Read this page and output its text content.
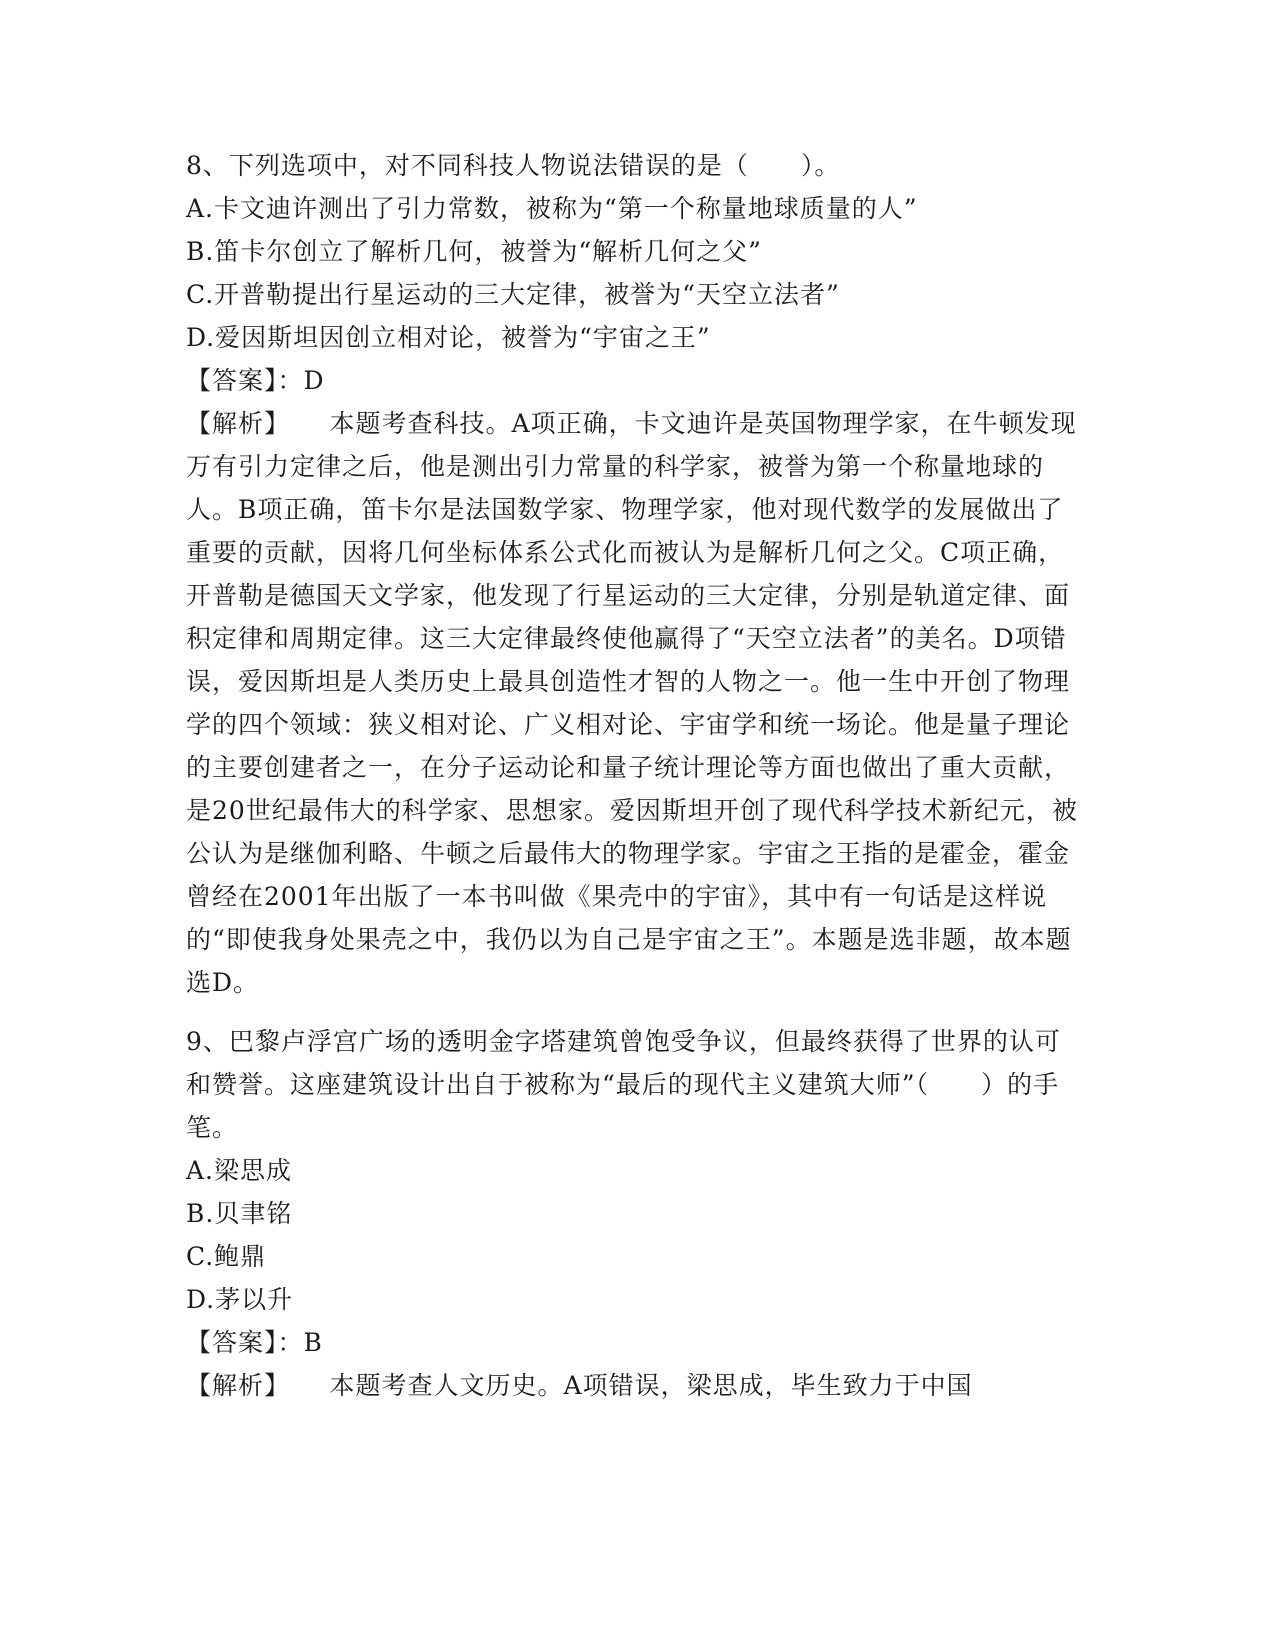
8、下列选项中，对不同科技人物说法错误的是（　　）。

A.卡文迪许测出了引力常数，被称为“第一个称量地球质量的人”

B.笛卡尔创立了解析几何，被誉为“解析几何之父”

C.开普勒提出行星运动的三大定律，被誉为“天空立法者”

D.爱因斯坦因创立相对论，被誉为“宇宙之王”

【答案】：D

【解析】　　 本题考查科技。A项正确，卡文迪许是英国物理学家，在牛顿发现万有引力定律之后，他是测出引力常量的科学家，被誉为第一个称量地球的人。B项正确，笛卡尔是法国数学家、物理学家，他对现代数学的发展做出了重要的贡献，因将几何坐标体系公式化而被认为是解析几何之父。C项正确，开普勒是德国天文学家，他发现了行星运动的三大定律，分别是轨道定律、面积定律和周期定律。这三大定律最终使他赢得了“天空立法者”的美名。D项错误，爱因斯坦是人类历史上最具创造性才智的人物之一。他一生中开创了物理学的四个领域：狭义相对论、广义相对论、宇宙学和统一场论。他是量子理论的主要创建者之一，在分子运动论和量子统计理论等方面也做出了重大贡献，是20世纪最伟大的科学家、思想家。爱因斯坦开创了现代科学技术新纪元，被公认为是继伽利略、牛顿之后最伟大的物理学家。宇宙之王指的是霍金，霍金曾经在2001年出版了一本书叫做《果壳中的宇宙》，其中有一句话是这样说的“即使我身处果壳之中，我仍以为自己是宇宙之王”。本题是选非题，故本题选D。

9、巴黎卢浮宫广场的透明金字塔建筑曾饱受争议，但最终获得了世界的认可和赞誉。这座建筑设计出自于被称为“最后的现代主义建筑大师”（　　）的手笔。

A.梁思成

B.贝聿铭

C.鲍鼎

D.茅以升

【答案】：B

【解析】　　 本题考查人文历史。A项错误，梁思成，毕生致力于中国
